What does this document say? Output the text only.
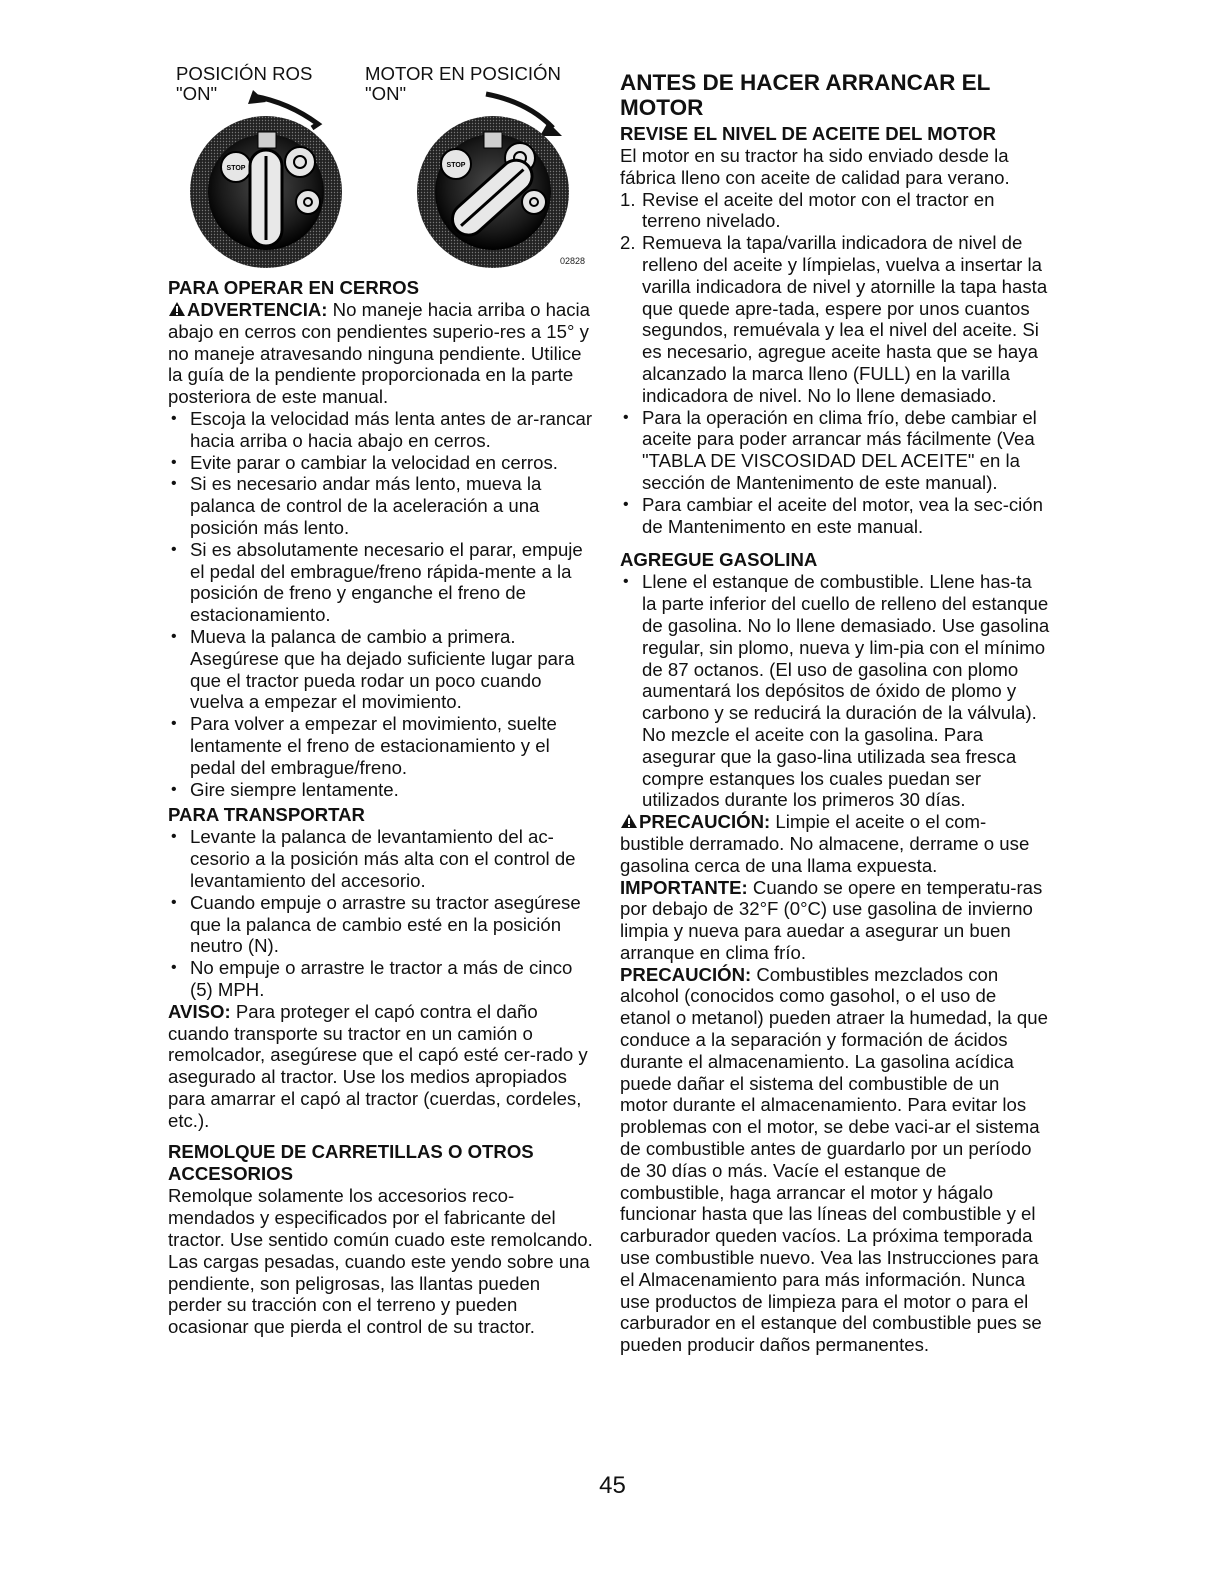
POSICIÓN ROS
"ON"
MOTOR EN POSICIÓN
"ON"
STOP	STOP
02828
PARA OPERAR EN CERROS

ADVERTENCIA: No maneje hacia arriba o hacia abajo en cerros con pendientes superio-res a 15° y no maneje atravesando ninguna pendiente. Utilice la guía de la pendiente proporcionada en la parte posteriora de este manual.

• Escoja la velocidad más lenta antes de ar-rancar hacia arriba o hacia abajo en cerros.
• Evite parar o cambiar la velocidad en cerros.
• Si es necesario andar más lento, mueva la palanca de control de la aceleración a una posición más lento.
• Si es absolutamente necesario el parar, empuje el pedal del embrague/freno rápida-mente a la posición de freno y enganche el freno de estacionamiento.
• Mueva la palanca de cambio a primera. Asegúrese que ha dejado suficiente lugar para que el tractor pueda rodar un poco cuando vuelva a empezar el movimiento.
• Para volver a empezar el movimiento, suelte lentamente el freno de estacionamiento y el pedal del embrague/freno.
• Gire siempre lentamente.
PARA TRANSPORTAR
• Levante la palanca de levantamiento del ac-cesorio a la posición más alta con el control de levantamiento del accesorio.
• Cuando empuje o arrastre su tractor asegúrese que la palanca de cambio esté en la posición neutro (N).
• No empuje o arrastre le tractor a más de cinco (5) MPH.

AVISO: Para proteger el capó contra el daño cuando transporte su tractor en un camión o remolcador, asegúrese que el capó esté cer-rado y asegurado al tractor. Use los medios apropiados para amarrar el capó al tractor (cuerdas, cordeles, etc.).

REMOLQUE DE CARRETILLAS O OTROS ACCESORIOS

Remolque solamente los accesorios reco-mendados y especificados por el fabricante del tractor. Use sentido común cuado este remolcando. Las cargas pesadas, cuando este yendo sobre una pendiente, son peligrosas, las llantas pueden perder su tracción con el terreno y pueden ocasionar que pierda el control de su tractor.

ANTES DE HACER ARRANCAR EL MOTOR
REVISE EL NIVEL DE ACEITE DEL MOTOR

El motor en su tractor ha sido enviado desde la fábrica lleno con aceite de calidad para verano.

1. Revise el aceite del motor con el tractor en terreno nivelado.
2. Remueva la tapa/varilla indicadora de nivel de relleno del aceite y límpielas, vuelva a insertar la varilla indicadora de nivel y atornille la tapa hasta que quede apre-tada, espere por unos cuantos segundos, remuévala y lea el nivel del aceite. Si es necesario, agregue aceite hasta que se haya alcanzado la marca lleno (FULL) en la varilla indicadora de nivel. No lo llene demasiado.
• Para la operación en clima frío, debe cambiar el aceite para poder arrancar más fácilmente (Vea "TABLA DE VISCOSIDAD DEL ACEITE" en la sección de Mantenimento de este manual).
• Para cambiar el aceite del motor, vea la sec-ción de Mantenimento en este manual.
AGREGUE GASOLINA
• Llene el estanque de combustible. Llene has-ta la parte inferior del cuello de relleno del estanque de gasolina. No lo llene demasiado. Use gasolina regular, sin plomo, nueva y lim-pia con el mínimo de 87 octanos. (El uso de gasolina con plomo aumentará los depósitos de óxido de plomo y carbono y se reducirá la duración de la válvula). No mezcle el aceite con la gasolina. Para asegurar que la gaso-lina utilizada sea fresca compre estanques los cuales puedan ser utilizados durante los primeros 30 días.

PRECAUCIÓN: Limpie el aceite o el com-bustible derramado. No almacene, derrame o use gasolina cerca de una llama expuesta.

IMPORTANTE: Cuando se opere en temperatu-ras por debajo de 32°F (0°C) use gasolina de invierno limpia y nueva para auedar a asegurar un buen arranque en clima frío.

PRECAUCIÓN: Combustibles mezclados con alcohol (conocidos como gasohol, o el uso de etanol o metanol) pueden atraer la humedad, la que conduce a la separación y formación de ácidos durante el almacenamiento. La gasolina acídica puede dañar el sistema del combustible de un motor durante el almacenamiento. Para evitar los problemas con el motor, se debe vaci-ar el sistema de combustible antes de guardarlo por un período de 30 días o más. Vacíe el estanque de combustible, haga arrancar el motor y hágalo funcionar hasta que las líneas del combustible y el carburador queden vacíos. La próxima temporada use combustible nuevo. Vea las Instrucciones para el Almacenamiento para más información. Nunca use productos de limpieza para el motor o para el carburador en el estanque del combustible pues se pueden producir daños permanentes.

45
